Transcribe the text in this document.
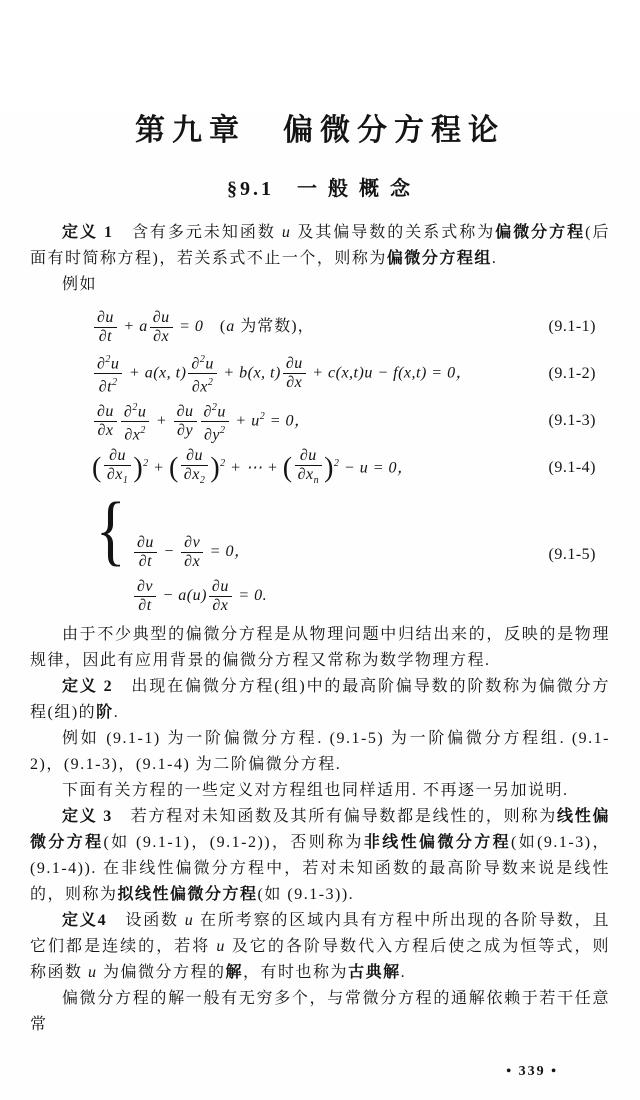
第九章　偏微分方程论
§9.1　一 般 概 念

定义 1　含有多元未知函数 u 及其偏导数的关系式称为偏微分方程(后面有时简称方程)，若关系式不止一个，则称为偏微分方程组.

例如

$\frac{\partial u}{\partial t} + a \frac{\partial u}{\partial x} = 0$　(a 为常数)，	(9.1-1)
$\frac{\partial^2u}{\partial t^2} + a(x$, $t) \frac{\partial^2u}{\partial x^2} + b(x$, $t) \frac{\partial u}{\partial x} + c(x,t)u - f(x,t) = 0$，	(9.1-2)
$\frac{\partial u}{\partial x} \frac{\partial^2u}{\partial x^2} + \frac{\partial u}{\partial y} \frac{\partial^2u}{\partial y^2} + u^2 = 0$，	(9.1-3)
( $\frac{\partial u}{\partial x_1} )^2$ + ( $\frac{\partial u}{\partial x_2} )^2$ + ⋯ + ( $\frac{\partial u}{\partial x_n} )^2 - u = 0$，	(9.1-4)
{ $\frac{\partial u}{\partial t} - \frac{\partial v}{\partial x} = 0$，
$\frac{\partial v}{\partial t} - a(u) \frac{\partial u}{\partial x} = 0$.
(9.1-5)

由于不少典型的偏微分方程是从物理问题中归结出来的，反映的是物理规律，因此有应用背景的偏微分方程又常称为数学物理方程.

定义 2　出现在偏微分方程(组)中的最高阶偏导数的阶数称为偏微分方程(组)的阶.

例如 (9.1-1) 为一阶偏微分方程. (9.1-5) 为一阶偏微分方程组. (9.1-2)，(9.1-3)，(9.1-4) 为二阶偏微分方程.

下面有关方程的一些定义对方程组也同样适用. 不再逐一另加说明.

定义 3　若方程对未知函数及其所有偏导数都是线性的，则称为线性偏微分方程(如 (9.1-1)，(9.1-2))，否则称为非线性偏微分方程(如(9.1-3)，(9.1-4)). 在非线性偏微分方程中，若对未知函数的最高阶导数来说是线性的，则称为拟线性偏微分方程(如 (9.1-3)).

定义4　设函数 u 在所考察的区域内具有方程中所出现的各阶导数，且它们都是连续的，若将 u 及它的各阶导数代入方程后使之成为恒等式，则称函数 u 为偏微分方程的解，有时也称为古典解.

偏微分方程的解一般有无穷多个，与常微分方程的通解依赖于若干任意常

• 339 •
